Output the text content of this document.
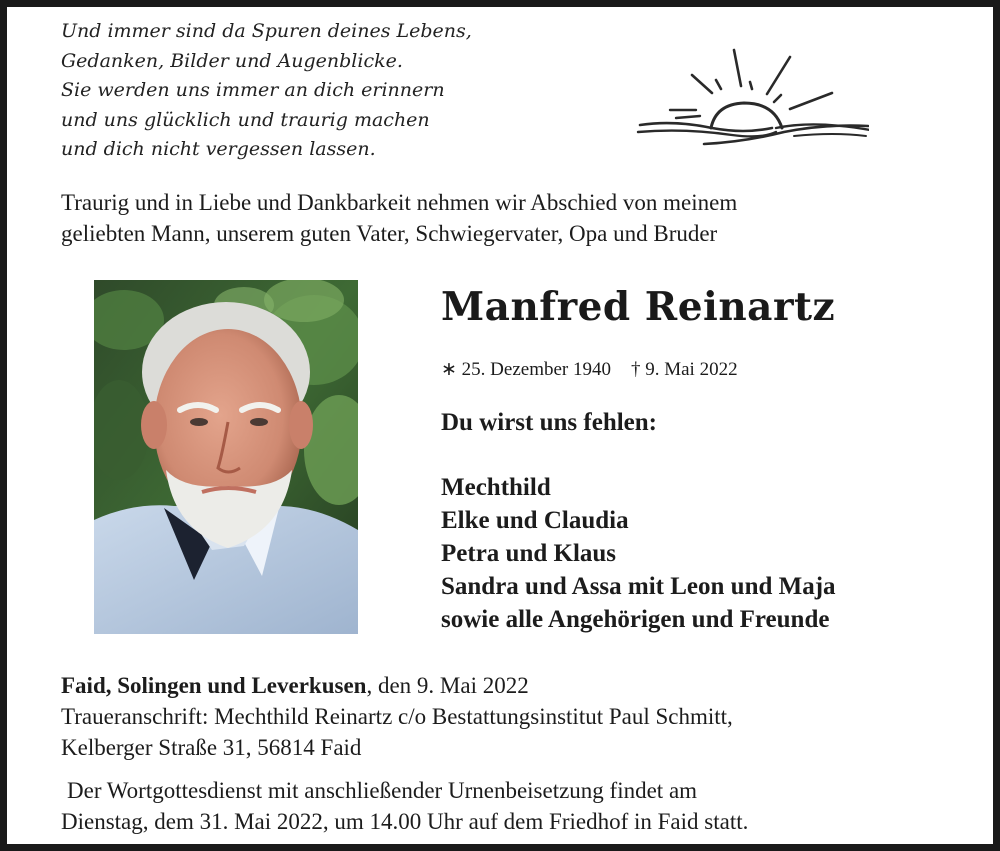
Und immer sind da Spuren deines Lebens,
Gedanken, Bilder und Augenblicke.
Sie werden uns immer an dich erinnern
und uns glücklich und traurig machen
und dich nicht vergessen lassen.
Traurig und in Liebe und Dankbarkeit nehmen wir Abschied von meinem
geliebten Mann, unserem guten Vater, Schwiegervater, Opa und Bruder
Manfred Reinartz
∗ 25. Dezember 1940 † 9. Mai 2022
Du wirst uns fehlen:
Mechthild
Elke und Claudia
Petra und Klaus
Sandra und Assa mit Leon und Maja
sowie alle Angehörigen und Freunde
Faid, Solingen und Leverkusen, den 9. Mai 2022
Traueranschrift: Mechthild Reinartz c/o Bestattungsinstitut Paul Schmitt,
Kelberger Straße 31, 56814 Faid
Der Wortgottesdienst mit anschließender Urnenbeisetzung findet am
Dienstag, dem 31. Mai 2022, um 14.00 Uhr auf dem Friedhof in Faid statt.
